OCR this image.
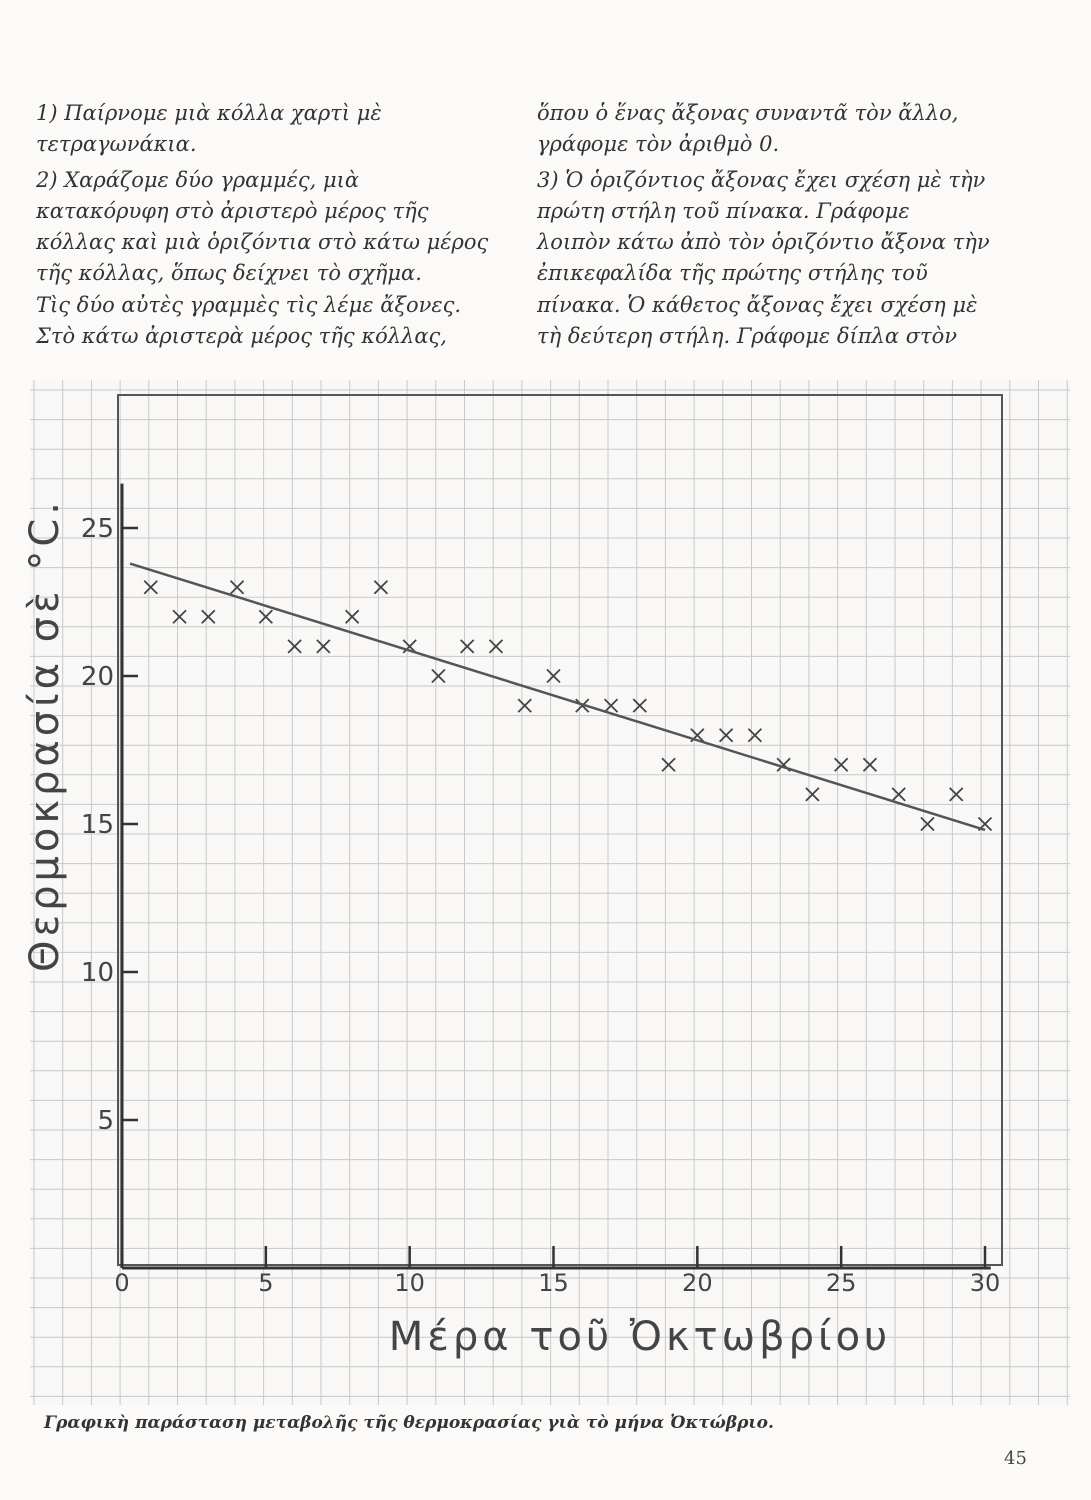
1) Παίρνομε μιὰ κόλλα χαρτὶ μὲ

τετραγωνάκια.

2) Χαράζομε δύο γραμμές, μιὰ

κατακόρυφη στὸ ἀριστερὸ μέρος τῆς

κόλλας καὶ μιὰ ὁριζόντια στὸ κάτω μέρος

τῆς κόλλας, ὅπως δείχνει τὸ σχῆμα.

Τὶς δύο αὐτὲς γραμμὲς τὶς λέμε ἄξονες.

Στὸ κάτω ἀριστερὰ μέρος τῆς κόλλας,

ὅπου ὁ ἕνας ἄξονας συναντᾶ τὸν ἄλλο,

γράφομε τὸν ἀριθμὸ 0.

3) Ὁ ὁριζόντιος ἄξονας ἔχει σχέση μὲ τὴν

πρώτη στήλη τοῦ πίνακα. Γράφομε

λοιπὸν κάτω ἀπὸ τὸν ὁριζόντιο ἄξονα τὴν

ἐπικεφαλίδα τῆς πρώτης στήλης τοῦ

πίνακα. Ὁ κάθετος ἄξονας ἔχει σχέση μὲ

τὴ δεύτερη στήλη. Γράφομε δίπλα στὸν

0	5	10	15	20	25	30
5
10
15
20
25
Μέρα τοῦ Ὀκτωβρίου
Θερμοκρασία σὲ °C.
Γραφικὴ παράσταση μεταβολῆς τῆς θερμοκρασίας γιὰ τὸ μήνα Ὀκτώβριο.
45
